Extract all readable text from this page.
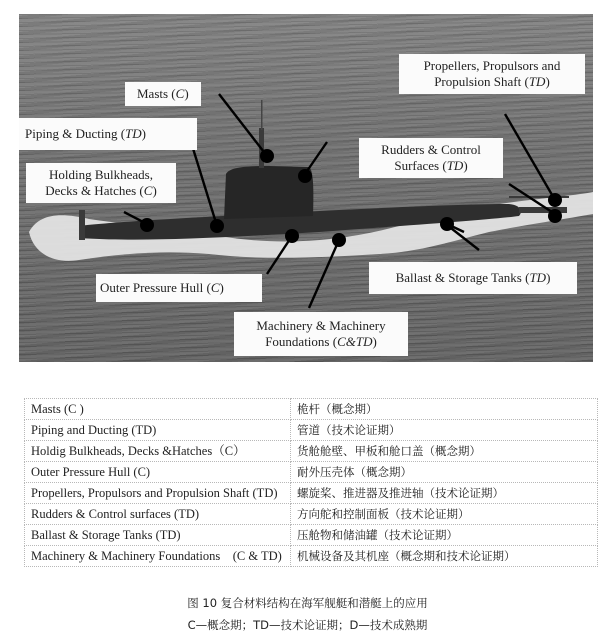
Masts (C)
Piping & Ducting (TD)
Holding Bulkheads,
Decks & Hatches (C)
Propellers, Propulsors and
Propulsion Shaft (TD)
Rudders & Control
Surfaces (TD)
Outer Pressure Hull (C)
Ballast & Storage Tanks (TD)
Machinery & Machinery
Foundations (C&TD)
Masts (C )	桅杆（概念期）
Piping and Ducting (TD)	管道（技术论证期）
Holdig Bulkheads, Decks &Hatches（C）	货舱舱壁、甲板和舱口盖（概念期）
Outer Pressure Hull (C)	耐外压壳体（概念期）
Propellers, Propulsors and Propulsion Shaft (TD)	螺旋桨、推进器及推进轴（技术论证期）
Rudders & Control surfaces (TD)	方向舵和控制面板（技术论证期）
Ballast & Storage Tanks (TD)	压舱物和储油罐（技术论证期）
Machinery & Machinery Foundations    (C & TD)	机械设备及其机座（概念期和技术论证期）
图 10 复合材料结构在海军舰艇和潜艇上的应用
C—概念期；TD—技术论证期；D—技术成熟期
